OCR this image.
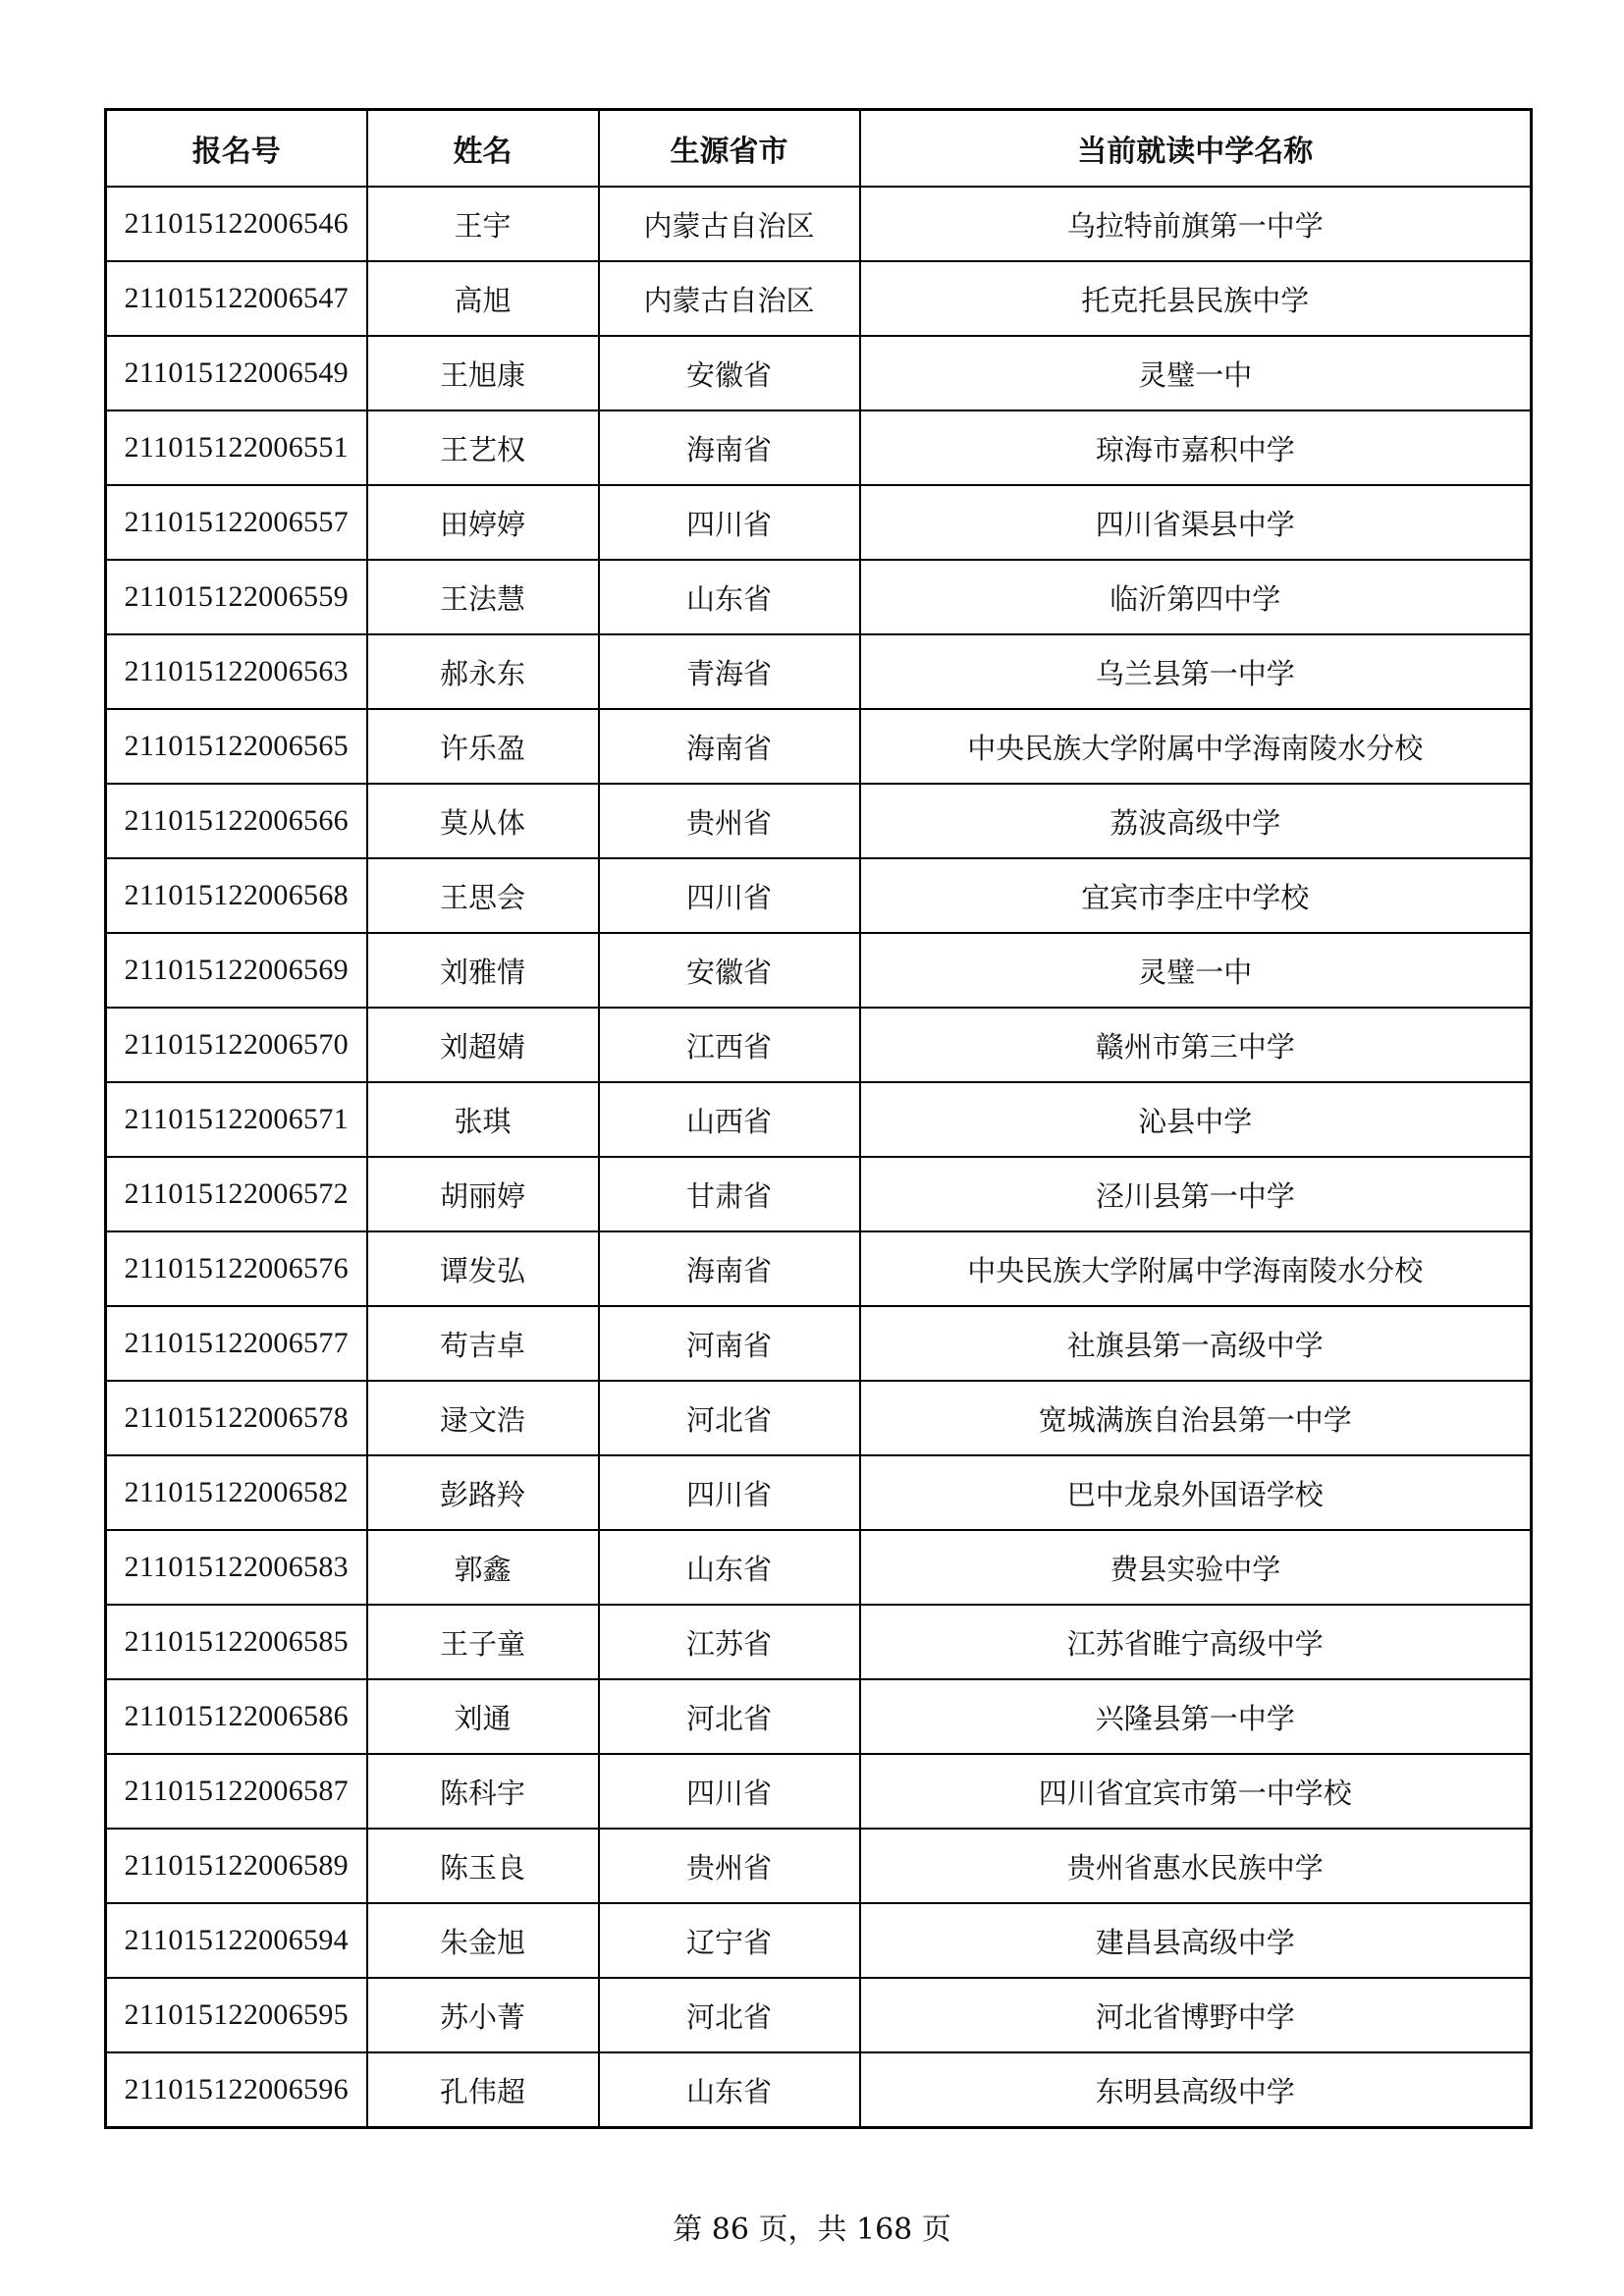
报名号	姓名	生源省市	当前就读中学名称
211015122006546	王宇	内蒙古自治区	乌拉特前旗第一中学
211015122006547	高旭	内蒙古自治区	托克托县民族中学
211015122006549	王旭康	安徽省	灵璧一中
211015122006551	王艺权	海南省	琼海市嘉积中学
211015122006557	田婷婷	四川省	四川省渠县中学
211015122006559	王法慧	山东省	临沂第四中学
211015122006563	郝永东	青海省	乌兰县第一中学
211015122006565	许乐盈	海南省	中央民族大学附属中学海南陵水分校
211015122006566	莫从体	贵州省	荔波高级中学
211015122006568	王思会	四川省	宜宾市李庄中学校
211015122006569	刘雅情	安徽省	灵璧一中
211015122006570	刘超婧	江西省	赣州市第三中学
211015122006571	张琪	山西省	沁县中学
211015122006572	胡丽婷	甘肃省	泾川县第一中学
211015122006576	谭发弘	海南省	中央民族大学附属中学海南陵水分校
211015122006577	苟吉卓	河南省	社旗县第一高级中学
211015122006578	逯文浩	河北省	宽城满族自治县第一中学
211015122006582	彭路羚	四川省	巴中龙泉外国语学校
211015122006583	郭鑫	山东省	费县实验中学
211015122006585	王子童	江苏省	江苏省睢宁高级中学
211015122006586	刘通	河北省	兴隆县第一中学
211015122006587	陈科宇	四川省	四川省宜宾市第一中学校
211015122006589	陈玉良	贵州省	贵州省惠水民族中学
211015122006594	朱金旭	辽宁省	建昌县高级中学
211015122006595	苏小菁	河北省	河北省博野中学
211015122006596	孔伟超	山东省	东明县高级中学
第 86 页，共 168 页
